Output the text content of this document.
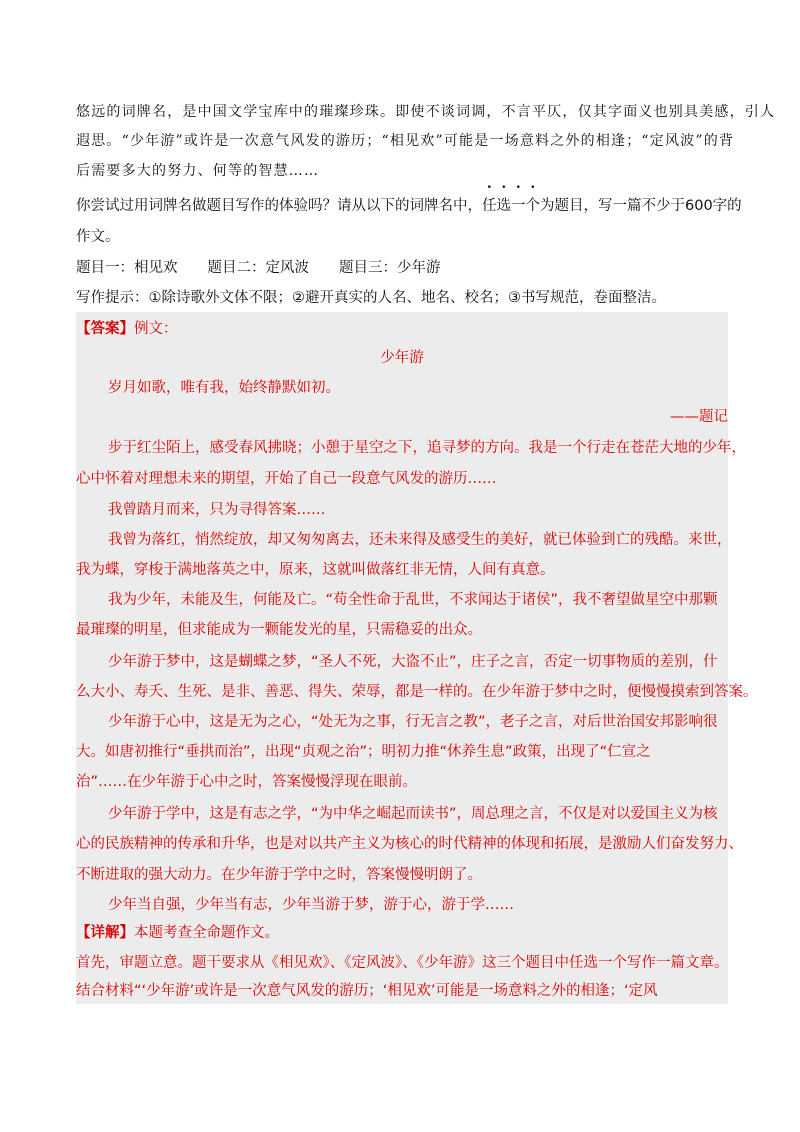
悠远的词牌名，是中国文学宝库中的璀璨珍珠。即使不谈词调，不言平仄，仅其字面义也别具美感，引人
遐思。“少年游”或许是一次意气风发的游历；“相见欢”可能是一场意料之外的相逢；“定风波”的背
后需要多大的努力、何等的智慧……
你尝试过用词牌名做题目写作的体验吗？请从以下的词牌名中，任选一个为题目，写一篇不少于600字的
作文。
题目一：相见欢 题目二：定风波 题目三：少年游
写作提示：①除诗歌外文体不限；②避开真实的人名、地名、校名；③书写规范，卷面整洁。
【答案】例文：
少年游
岁月如歌，唯有我，始终静默如初。
——题记
步于红尘陌上，感受春风拂晓；小憩于星空之下，追寻梦的方向。我是一个行走在苍茫大地的少年，
心中怀着对理想未来的期望，开始了自己一段意气风发的游历……
我曾踏月而来，只为寻得答案……
我曾为落红，悄然绽放，却又匆匆离去，还未来得及感受生的美好，就已体验到亡的残酷。来世，
我为蝶，穿梭于满地落英之中，原来，这就叫做落红非无情，人间有真意。
我为少年，未能及生，何能及亡。“苟全性命于乱世，不求闻达于诸侯”，我不奢望做星空中那颗
最璀璨的明星，但求能成为一颗能发光的星，只需稳妥的出众。
少年游于梦中，这是蝴蝶之梦，“圣人不死，大盗不止”，庄子之言，否定一切事物质的差别，什
么大小、寿夭、生死、是非、善恶、得失、荣辱，都是一样的。在少年游于梦中之时，便慢慢摸索到答案。
少年游于心中，这是无为之心，“处无为之事，行无言之教”，老子之言，对后世治国安邦影响很
大。如唐初推行“垂拱而治”，出现“贞观之治”；明初力推“休养生息”政策，出现了“仁宣之
治”……在少年游于心中之时，答案慢慢浮现在眼前。
少年游于学中，这是有志之学，“为中华之崛起而读书”，周总理之言，不仅是对以爱国主义为核
心的民族精神的传承和升华，也是对以共产主义为核心的时代精神的体现和拓展，是激励人们奋发努力、
不断进取的强大动力。在少年游于学中之时，答案慢慢明朗了。
少年当自强，少年当有志，少年当游于梦，游于心，游于学……
【详解】本题考查全命题作文。
首先，审题立意。题干要求从《相见欢》、《定风波》、《少年游》这三个题目中任选一个写作一篇文章。
结合材料“‘少年游’或许是一次意气风发的游历；‘相见欢’可能是一场意料之外的相逢；‘定风
